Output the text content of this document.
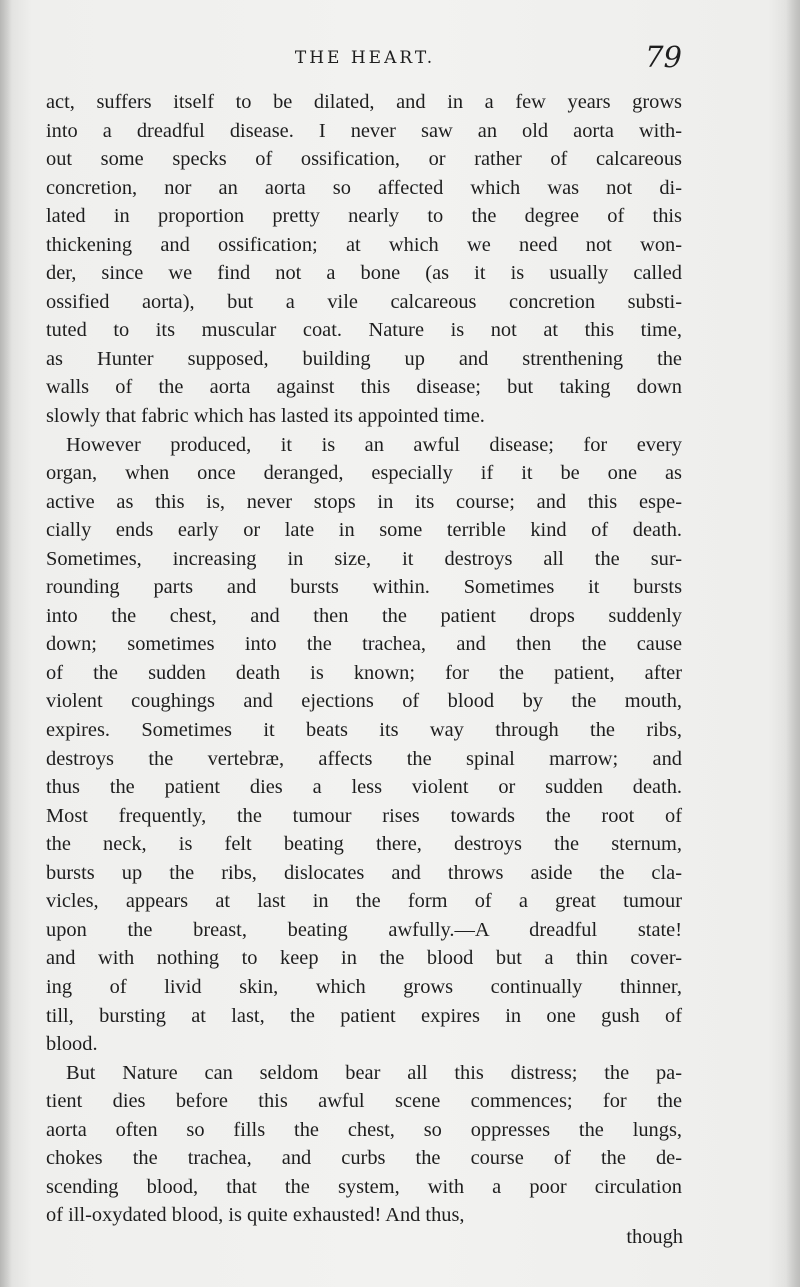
THE HEART.	79
act, suffers itself to be dilated, and in a few years grows
into a dreadful disease. I never saw an old aorta with-
out some specks of ossification, or rather of calcareous
concretion, nor an aorta so affected which was not di-
lated in proportion pretty nearly to the degree of this
thickening and ossification; at which we need not won-
der, since we find not a bone (as it is usually called
ossified aorta), but a vile calcareous concretion substi-
tuted to its muscular coat. Nature is not at this time,
as Hunter supposed, building up and strenthening the
walls of the aorta against this disease; but taking down
slowly that fabric which has lasted its appointed time.
However produced, it is an awful disease; for every
organ, when once deranged, especially if it be one as
active as this is, never stops in its course; and this espe-
cially ends early or late in some terrible kind of death.
Sometimes, increasing in size, it destroys all the sur-
rounding parts and bursts within. Sometimes it bursts
into the chest, and then the patient drops suddenly
down; sometimes into the trachea, and then the cause
of the sudden death is known; for the patient, after
violent coughings and ejections of blood by the mouth,
expires. Sometimes it beats its way through the ribs,
destroys the vertebræ, affects the spinal marrow; and
thus the patient dies a less violent or sudden death.
Most frequently, the tumour rises towards the root of
the neck, is felt beating there, destroys the sternum,
bursts up the ribs, dislocates and throws aside the cla-
vicles, appears at last in the form of a great tumour
upon the breast, beating awfully.—A dreadful state!
and with nothing to keep in the blood but a thin cover-
ing of livid skin, which grows continually thinner,
till, bursting at last, the patient expires in one gush of
blood.
But Nature can seldom bear all this distress; the pa-
tient dies before this awful scene commences; for the
aorta often so fills the chest, so oppresses the lungs,
chokes the trachea, and curbs the course of the de-
scending blood, that the system, with a poor circulation
of ill-oxydated blood, is quite exhausted! And thus,
though
